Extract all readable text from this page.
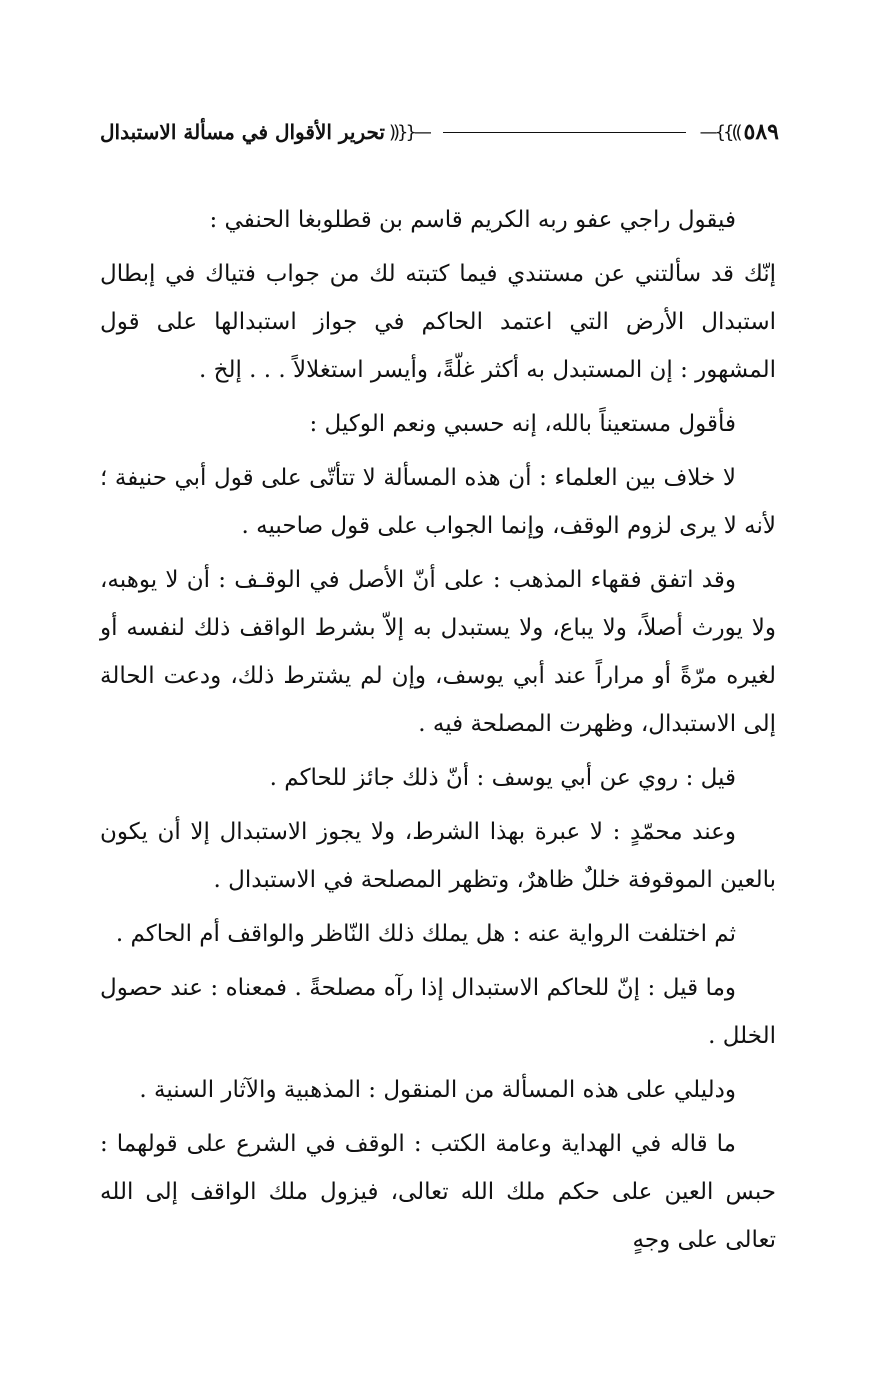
—{{((
تحرير الأقوال في مسألة الاستبدال	٥٨٩
))}}—

فيقول راجي عفو ربه الكريم قاسم بن قطلوبغا الحنفي :

إنّك قد سألتني عن مستندي فيما كتبته لك من جواب فتياك في إبطال استبدال الأرض التي اعتمد الحاكم في جواز استبدالها على قول المشهور : إن المستبدل به أكثر غلّةً، وأيسر استغلالاً . . . إلخ .

فأقول مستعيناً بالله، إنه حسبي ونعم الوكيل :

لا خلاف بين العلماء : أن هذه المسألة لا تتأتّى على قول أبي حنيفة ؛ لأنه لا يرى لزوم الوقف، وإنما الجواب على قول صاحبيه .

وقد اتفق فقهاء المذهب : على أنّ الأصل في الوقـف : أن لا يوهبه، ولا يورث أصلاً، ولا يباع، ولا يستبدل به إلاّ بشرط الواقف ذلك لنفسه أو لغيره مرّةً أو مراراً عند أبي يوسف، وإن لم يشترط ذلك، ودعت الحالة إلى الاستبدال، وظهرت المصلحة فيه .

قيل : روي عن أبي يوسف : أنّ ذلك جائز للحاكم .

وعند محمّدٍ : لا عبرة بهذا الشرط، ولا يجوز الاستبدال إلا أن يكون بالعين الموقوفة خللٌ ظاهرٌ، وتظهر المصلحة في الاستبدال .

ثم اختلفت الرواية عنه : هل يملك ذلك النّاظر والواقف أم الحاكم .

وما قيل : إنّ للحاكم الاستبدال إذا رآه مصلحةً . فمعناه : عند حصول الخلل .

ودليلي على هذه المسألة من المنقول : المذهبية والآثار السنية .

ما قاله في الهداية وعامة الكتب : الوقف في الشرع على قولهما : حبس العين على حكم ملك الله تعالى، فيزول ملك الواقف إلى الله تعالى على وجهٍ
